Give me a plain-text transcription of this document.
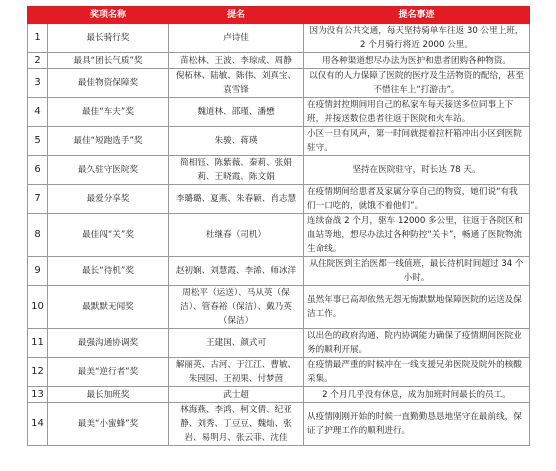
	奖项名称	提名	提名事迹
1	最长骑行奖	卢诗佳	因为没有公共交通，每天坚持骑单车往返 30 公里上班，2 个月骑行将近 2000 公里。
2	最具“团长气质”奖	苗松林、王波、李琼成、周静	用各种渠道想尽办法为医护和患者团购各种物资。
3	最佳物资保障奖	倪柘林、陆敏、陈伟、刘真宝、袁雪锋	以仅有的人力保障了医院的医疗及生活物资的配给，甚至不惜往车上“打游击”。
4	最佳“车夫”奖	魏道林、邵瑾、潘懋	在疫情封控期间用自己的私家车每天接送多位同事上下班，并接送数位患者往返于医院和火车站。
5	最佳“短跑选手”奖	朱骏、蒋瑛	小区一旦有风声，第一时间就提着拉杆箱冲出小区到医院驻守。
6	最久驻守医院奖	简相钰、陈紫薇、秦莉、张娟莉、王晓霞、陈文娟	坚持在医院驻守，时长达 78 天。
7	最爱分享奖	李璐璐、夏燕、朱春颖、肖志慧	在疫情期间给患者及家属分享自己的物资，她们说“有我们一口吃的，就饿不着他们”。
8	最佳闯“关”奖	杜继春（司机）	连续奋战 2 个月，驱车 12000 多公里，往返于各院区和血站等地，想尽办法过各种防控“关卡”，畅通了医院物流生命线。
9	最长“待机”奖	赵初娴、刘慧霞、李浠、师冰洋	从住院医到主治医都一线值班，最长待机时间超过 34 个小时。
10	最默默无闻奖	周松平（运送）、马从英（保洁）、管春裕（保洁）、戴乃英（保洁）	虽然年事已高却依然无怨无悔默默地保障医院的运送及保洁工作。
11	最强沟通协调奖	王建国、颜式可	以出色的政府沟通、院内协调能力确保了疫情期间医院业务的顺利开展。
12	最美“逆行者”奖	解丽英、古河、于江江、曹敏、朱园园、王初果、付梦茵	在疫情最严重的时候冲在一线支援兄弟医院及院外的核酸采集。
13	最长加班奖	武士超	2 个月几乎没有休息，成为加班时间最长的员工。
14	最美“小蜜蜂”奖	林海燕、李鸿、柯文倩、纪亚静、刘秀、丁豆豆、魏灿、张岩、易明月、张云菲、沈佳	从疫情刚刚开始的时候一直勤勤恳恳地坚守在最前线，保证了护理工作的顺利进行。
